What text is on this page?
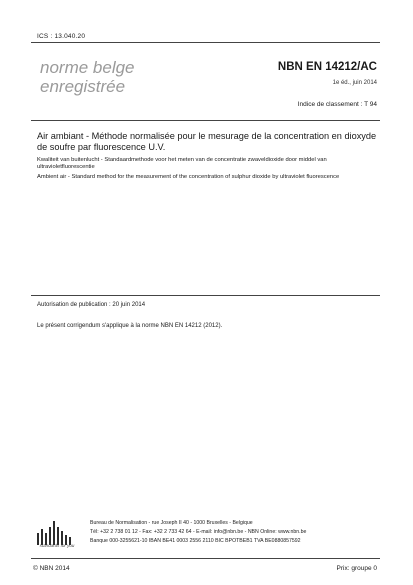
ICS : 13.040.20
norme belge
enregistrée
NBN EN 14212/AC
1e éd., juin 2014
Indice de classement : T 94
Air ambiant - Méthode normalisée pour le mesurage de la concentration en dioxyde de soufre par fluorescence U.V.
Kwaliteit van buitenlucht - Standaardmethode voor het meten van de concentratie zwaveldioxide door middel van ultravioletfluorescentie
Ambient air - Standard method for the measurement of the concentration of sulphur dioxide by ultraviolet fluorescence
Autorisation de publication : 20 juin 2014
Le présent corrigendum s'applique à la norme NBN EN 14212 (2012).
standards for you
Bureau de Normalisation - rue Joseph II 40 - 1000 Bruxelles - Belgique
Tél: +32 2 738 01 12 - Fax: +32 2 733 42 64 - E-mail: info@nbn.be - NBN Online: www.nbn.be
Banque 000-3255621-10 IBAN BE41 0003 2556 2110 BIC BPOTBEB1 TVA BE0880857592
© NBN 2014	Prix: groupe 0
